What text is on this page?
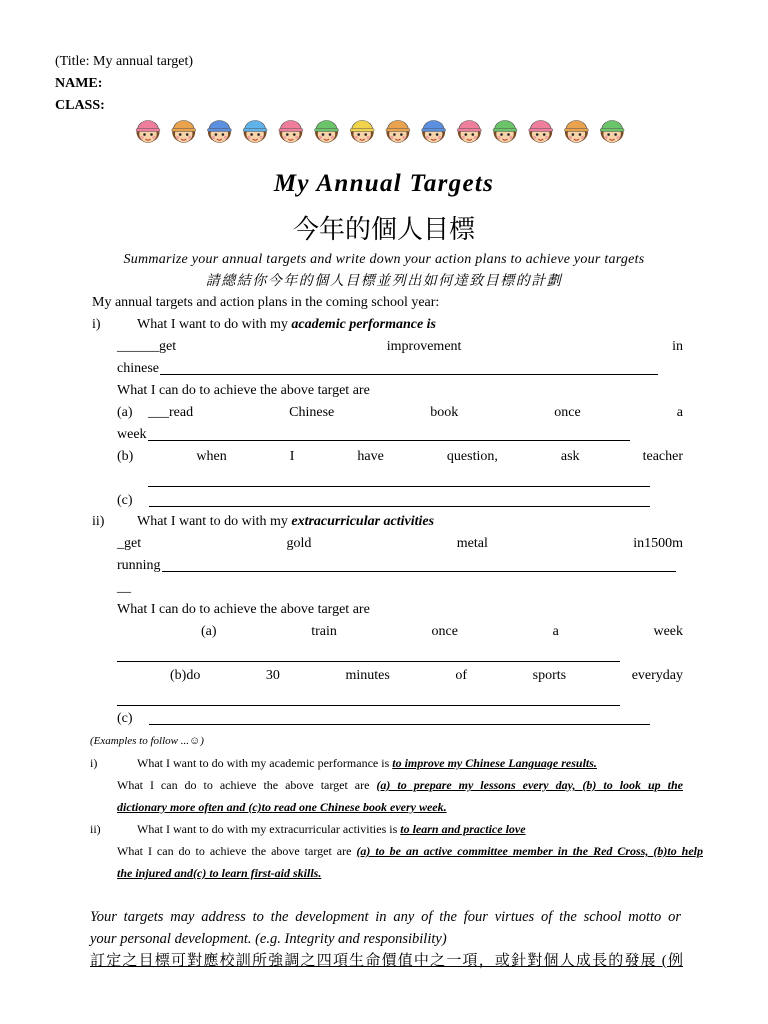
(Title: My annual target)
NAME:
CLASS:
My Annual Targets
今年的個人目標
Summarize your annual targets and write down your action plans to achieve your targets
請總結你今年的個人目標並列出如何達致目標的計劃
My annual targets and action plans in the coming school year:
i)	What I want to do with my academic performance is
______get improvement in
chinese
What I can do to achieve the above target are
(a) ___read Chinese book once a
week
(b) when I have question, ask teacher
(c)
ii) What I want to do with my extracurricular activities
_get gold metal in1500m
running
__
What I can do to achieve the above target are
(a) train once a week
(b)do 30 minutes of sports everyday
(c)
(Examples to follow ...☺)
i)	What I want to do with my academic performance is to improve my Chinese Language results.
What I can do to achieve the above target are (a) to prepare my lessons every day, (b) to look up the
dictionary more often and (c)to read one Chinese book every week.
ii)	What I want to do with my extracurricular activities is to learn and practice love
What I can do to achieve the above target are (a) to be an active committee member in the Red Cross, (b)to help
the injured and(c) to learn first-aid skills.
Your targets may address to the development in any of the four virtues of the school motto or
your personal development. (e.g. Integrity and responsibility)
訂定之目標可對應校訓所強調之四項生命價值中之一項，或針對個人成長的發展 (例
